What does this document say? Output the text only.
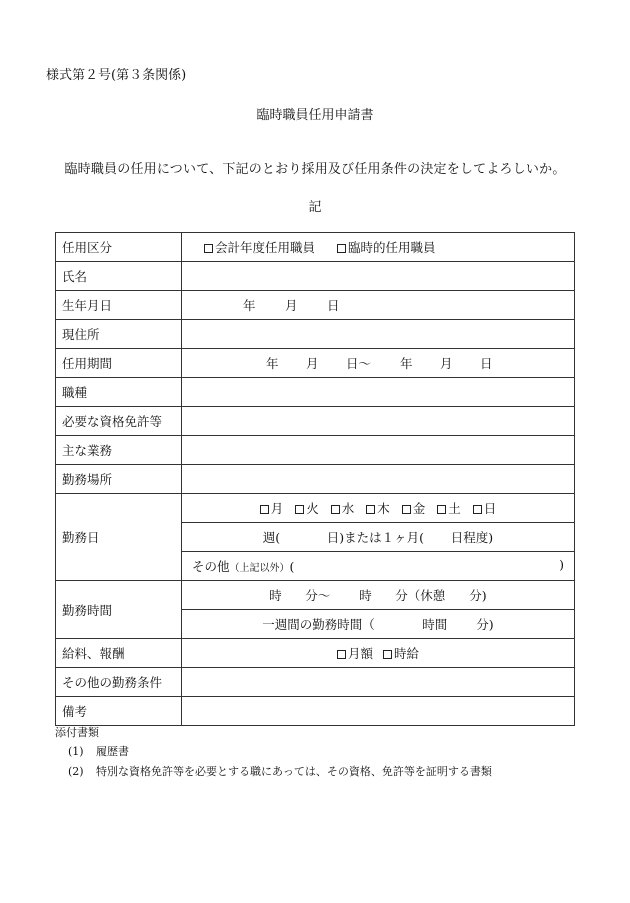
様式第２号(第３条関係)
臨時職員任用申請書
臨時職員の任用について、下記のとおり採用及び任用条件の決定をしてよろしいか。
記
任用区分	会計年度任用職員 臨時的任用職員
氏名	
生年月日	年 月 日
現住所	
任用期間	年 月 日～ 年 月 日
職種	
必要な資格免許等	
主な業務	
勤務場所	
勤務日	月 火 水 木 金 土 日
	週( 日)または１ヶ月( 日程度)

	その他（上記以外）( )

勤務時間	時 分～ 時 分（休憩 分)
	一週間の勤務時間（ 時間 分)
給料、報酬	月額 時給
その他の勤務条件	
備考	
添付書類
(1) 履歴書
(2) 特別な資格免許等を必要とする職にあっては、その資格、免許等を証明する書類
